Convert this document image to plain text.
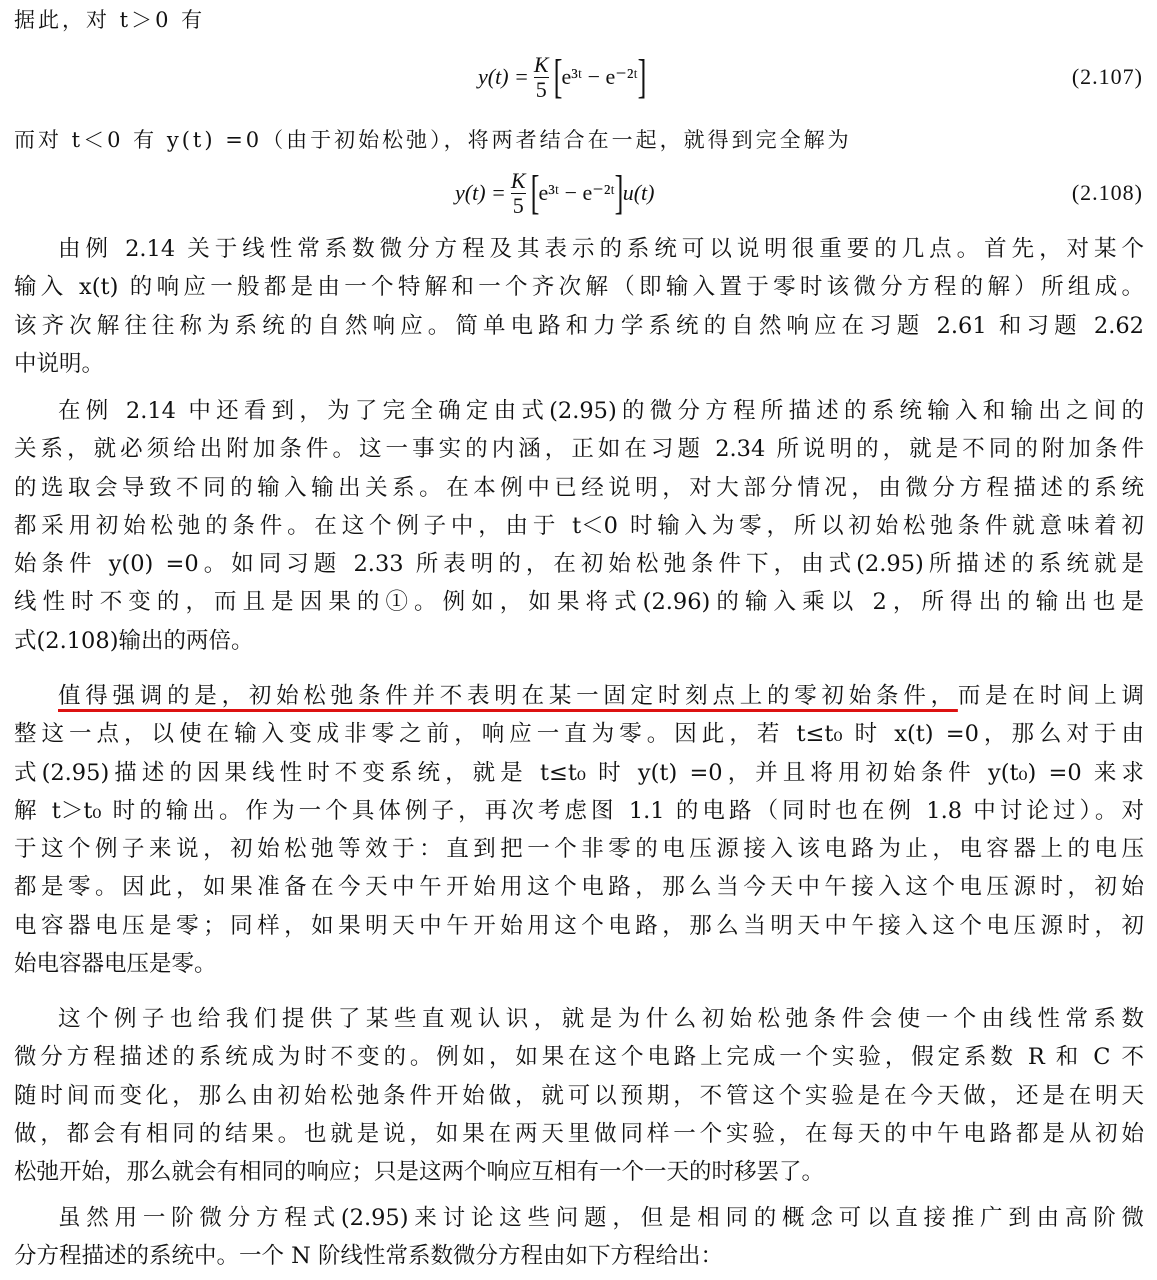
据此，对 t＞0 有
$y(t) = \frac{K}{5}$ [ e³ᵗ − e⁻²ᵗ ]	(2.107)
而对 t＜0 有 y(t) =0（由于初始松弛），将两者结合在一起，就得到完全解为
$y(t) = \frac{K}{5}$ [ e³ᵗ − e⁻²ᵗ ] u(t)	(2.108)
由例 2.14 关于线性常系数微分方程及其表示的系统可以说明很重要的几点。首先，对某个
输入 x(t) 的响应一般都是由一个特解和一个齐次解（即输入置于零时该微分方程的解）所组成。
该齐次解往往称为系统的自然响应。简单电路和力学系统的自然响应在习题 2.61 和习题 2.62
中说明。
在例 2.14 中还看到，为了完全确定由式(2.95)的微分方程所描述的系统输入和输出之间的
关系，就必须给出附加条件。这一事实的内涵，正如在习题 2.34 所说明的，就是不同的附加条件
的选取会导致不同的输入输出关系。在本例中已经说明，对大部分情况，由微分方程描述的系统
都采用初始松弛的条件。在这个例子中，由于 t＜0 时输入为零，所以初始松弛条件就意味着初
始条件 y(0) =0。如同习题 2.33 所表明的，在初始松弛条件下，由式(2.95)所描述的系统就是
线性时不变的，而且是因果的①。例如，如果将式(2.96)的输入乘以 2，所得出的输出也是
式(2.108)输出的两倍。
值得强调的是，初始松弛条件并不表明在某一固定时刻点上的零初始条件，而是在时间上调
整这一点，以使在输入变成非零之前，响应一直为零。因此，若 t≤t₀ 时 x(t) =0，那么对于由
式(2.95)描述的因果线性时不变系统，就是 t≤t₀ 时 y(t) =0，并且将用初始条件 y(t₀) =0 来求
解 t＞t₀ 时的输出。作为一个具体例子，再次考虑图 1.1 的电路（同时也在例 1.8 中讨论过）。对
于这个例子来说，初始松弛等效于：直到把一个非零的电压源接入该电路为止，电容器上的电压
都是零。因此，如果准备在今天中午开始用这个电路，那么当今天中午接入这个电压源时，初始
电容器电压是零；同样，如果明天中午开始用这个电路，那么当明天中午接入这个电压源时，初
始电容器电压是零。
这个例子也给我们提供了某些直观认识，就是为什么初始松弛条件会使一个由线性常系数
微分方程描述的系统成为时不变的。例如，如果在这个电路上完成一个实验，假定系数 R 和 C 不
随时间而变化，那么由初始松弛条件开始做，就可以预期，不管这个实验是在今天做，还是在明天
做，都会有相同的结果。也就是说，如果在两天里做同样一个实验，在每天的中午电路都是从初始
松弛开始，那么就会有相同的响应；只是这两个响应互相有一个一天的时移罢了。
虽然用一阶微分方程式(2.95)来讨论这些问题，但是相同的概念可以直接推广到由高阶微
分方程描述的系统中。一个 N 阶线性常系数微分方程由如下方程给出：
